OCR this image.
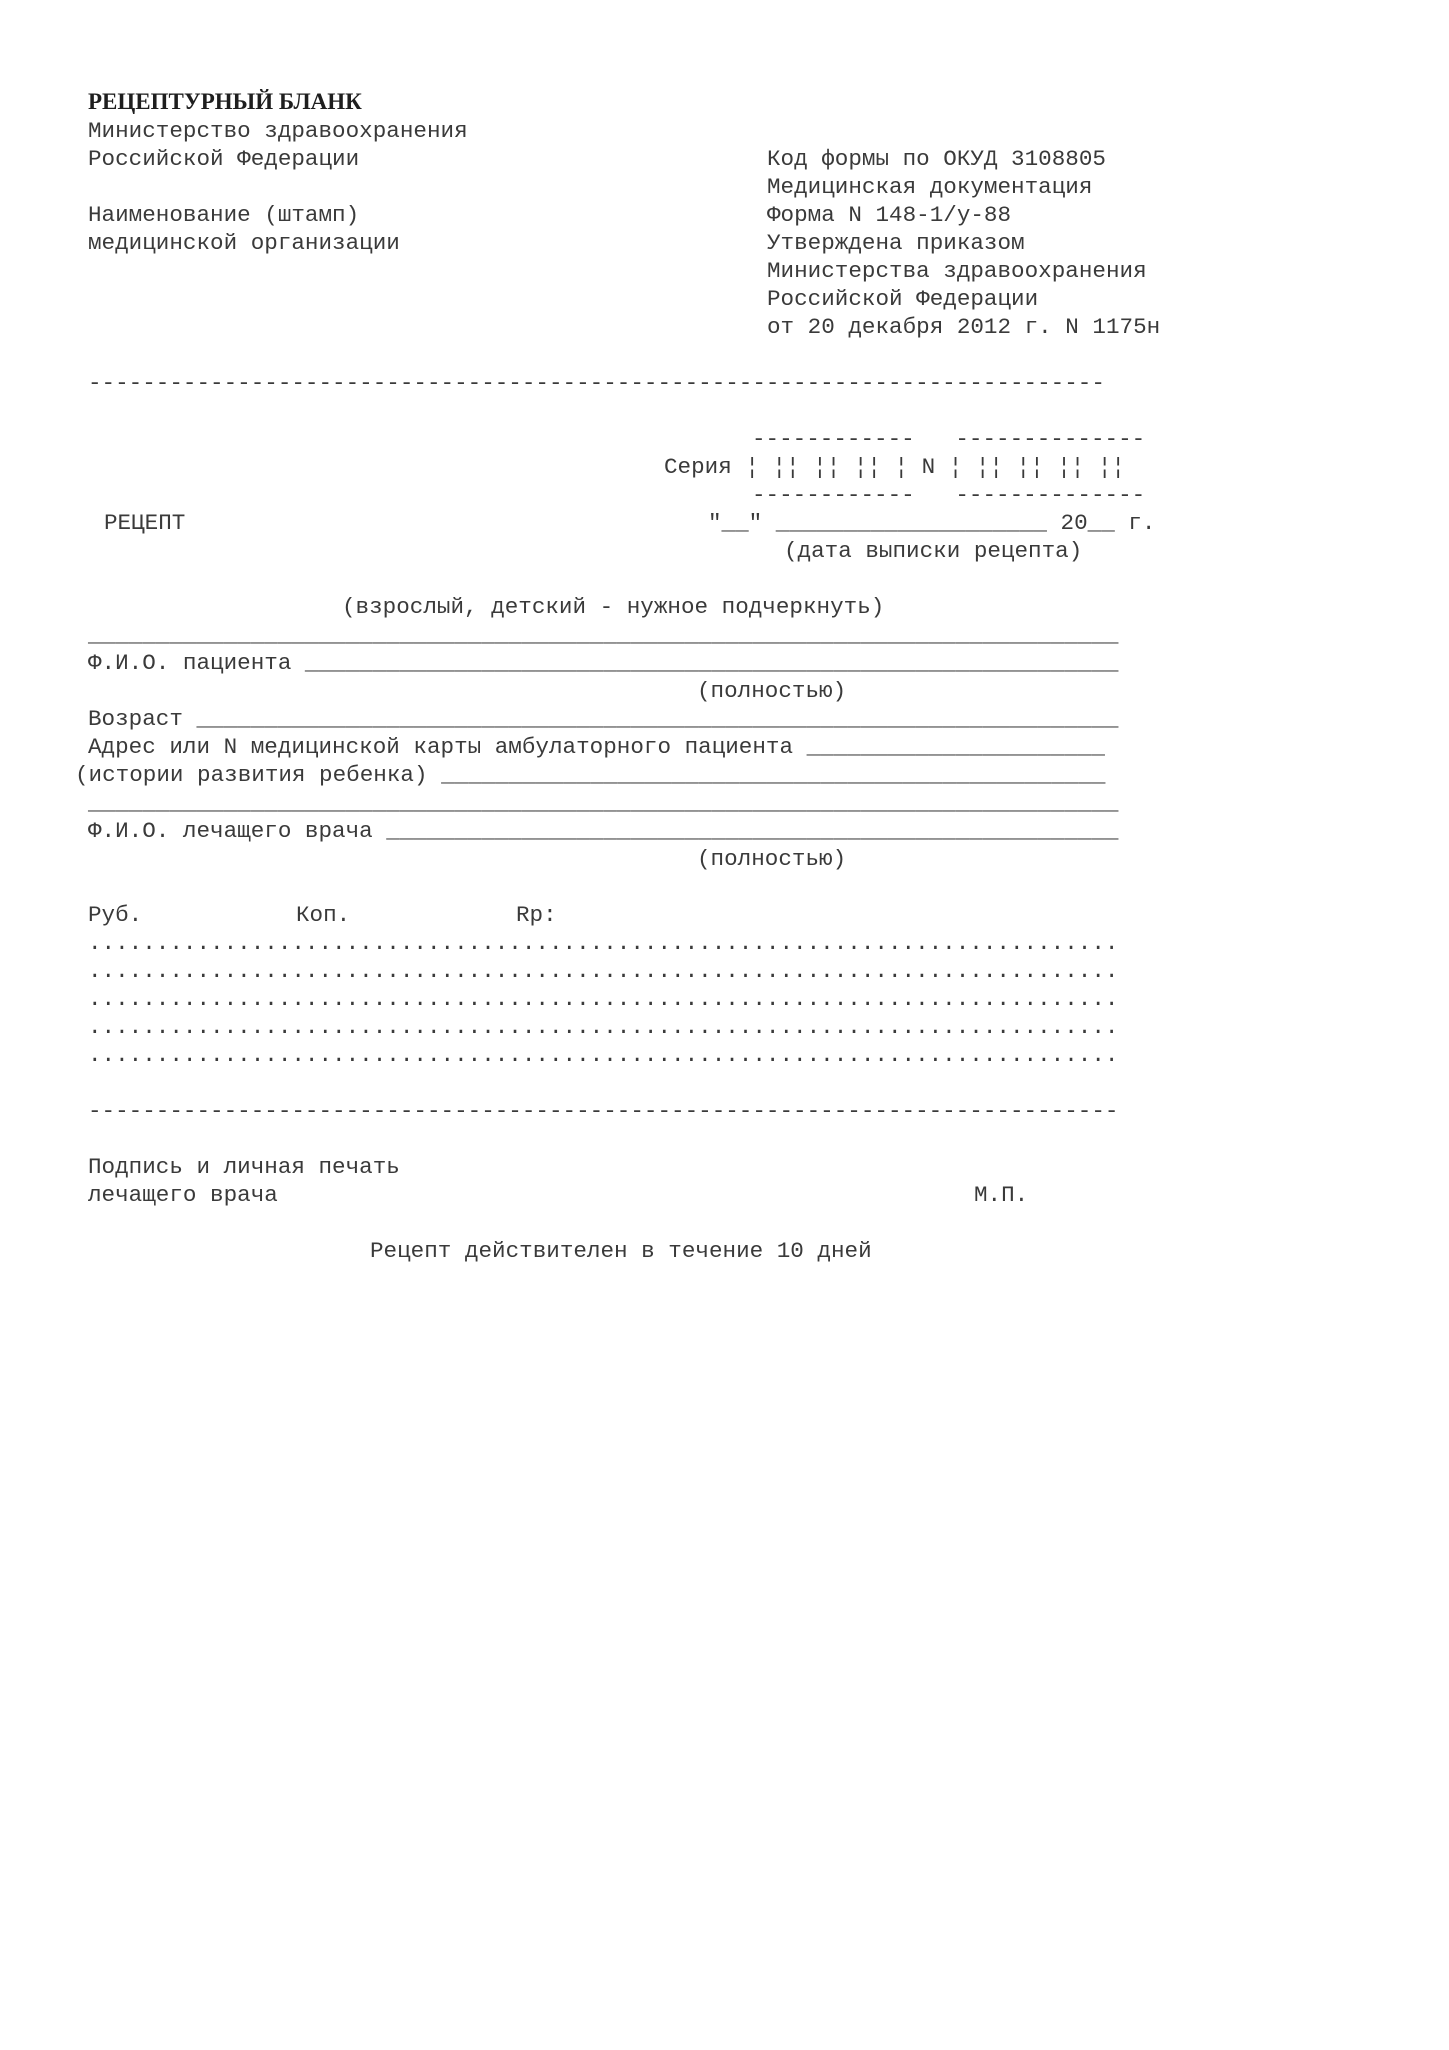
РЕЦЕПТУРНЫЙ БЛАНК
Министерство здравоохранения
Российской Федерации
Наименование (штамп)
медицинской организации
Код формы по ОКУД 3108805
Медицинская документация
Форма N 148-1/у-88
Утверждена приказом
Министерства здравоохранения
Российской Федерации
от 20 декабря 2012 г. N 1175н
---------------------------------------------------------------------------
------------   --------------
Серия ¦ ¦¦ ¦¦ ¦¦ ¦ N ¦ ¦¦ ¦¦ ¦¦ ¦¦
------------   --------------
РЕЦЕПТ	"__" ____________________ 20__ г.
(дата выписки рецепта)
(взрослый, детский - нужное подчеркнуть)
____________________________________________________________________________
Ф.И.О. пациента ____________________________________________________________
(полностью)
Возраст ____________________________________________________________________
Адрес или N медицинской карты амбулаторного пациента ______________________
(истории развития ребенка) _________________________________________________
____________________________________________________________________________
Ф.И.О. лечащего врача ______________________________________________________
(полностью)
Руб.	Коп.	Rp:
............................................................................
............................................................................
............................................................................
............................................................................
............................................................................
----------------------------------------------------------------------------
Подпись и личная печать
лечащего врача	М.П.
Рецепт действителен в течение 10 дней
